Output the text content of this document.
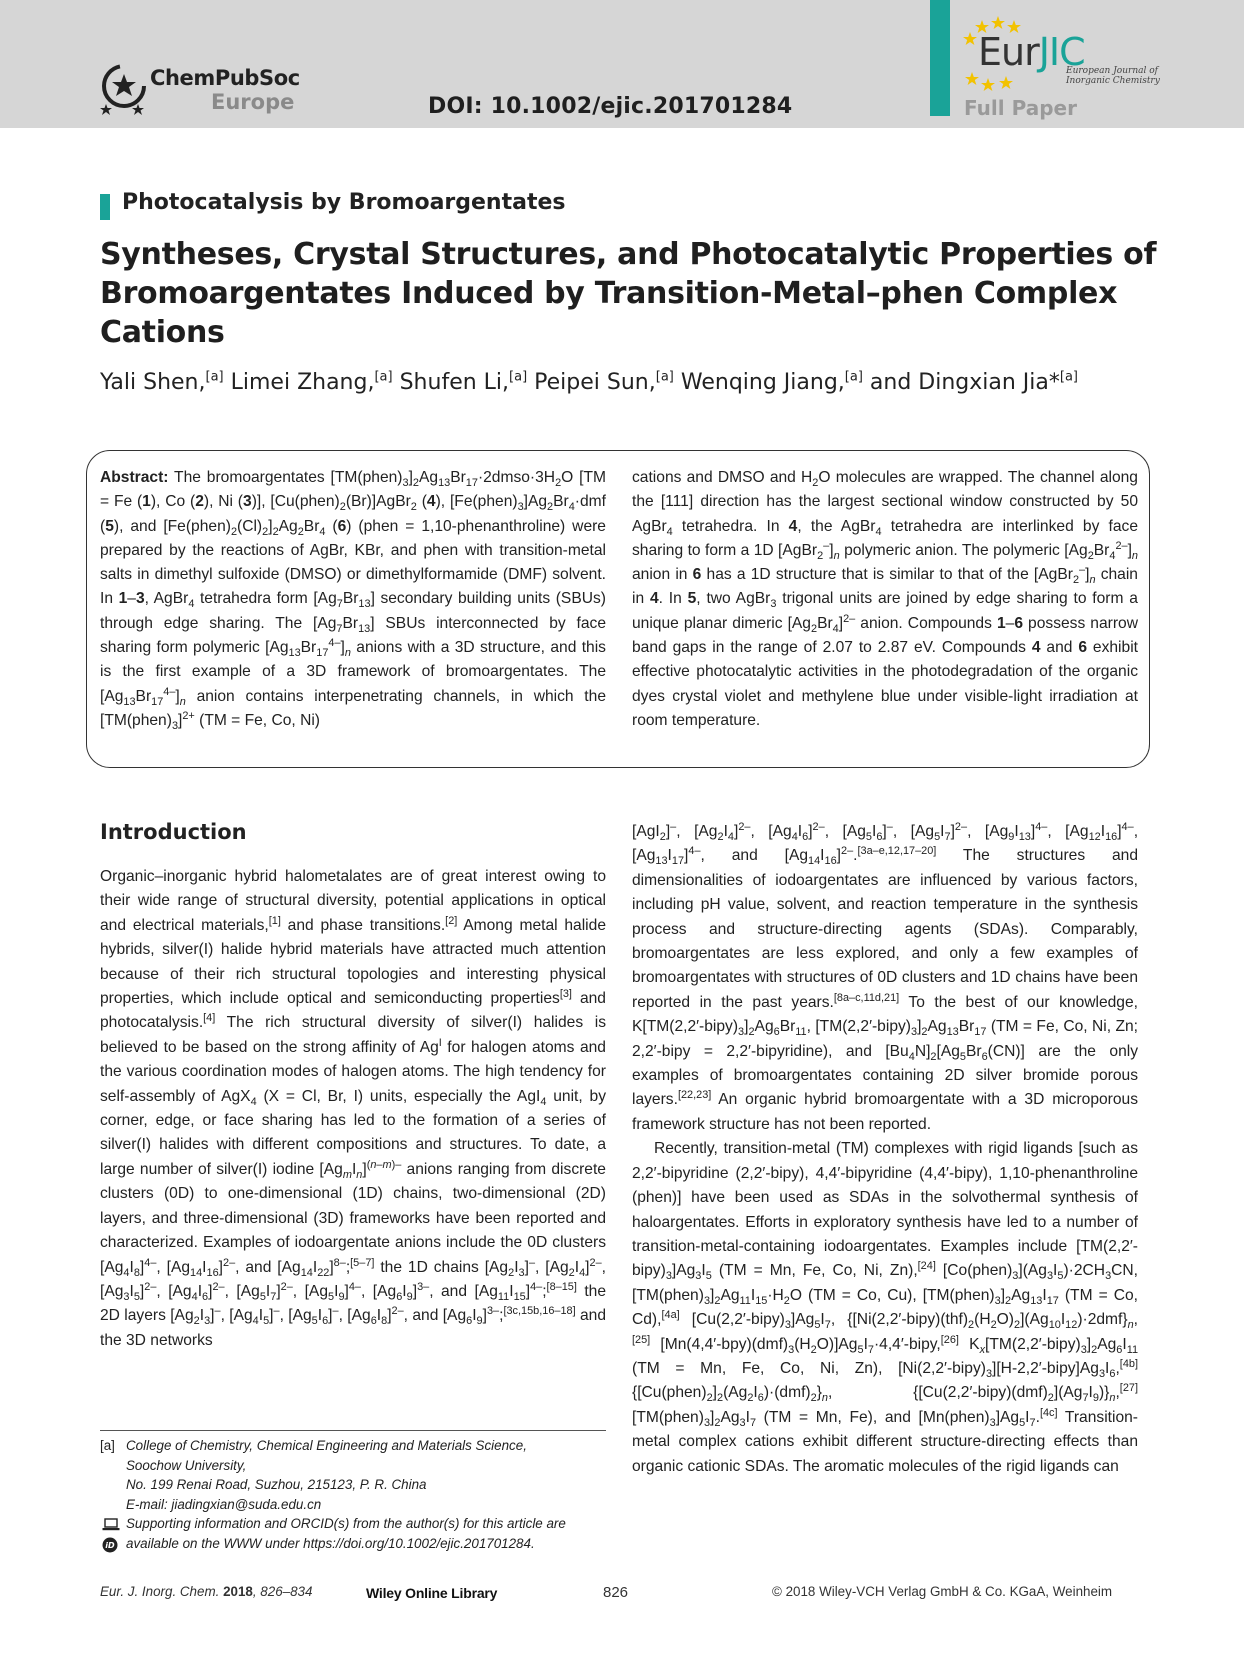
ChemPubSoc
Europe	DOI: 10.1002/ejic.201701284
EurJIC
European Journal of Inorganic Chemistry
Full Paper
Photocatalysis by Bromoargentates
Syntheses, Crystal Structures, and Photocatalytic Properties of Bromoargentates Induced by Transition-Metal–phen Complex Cations
Yali Shen,[a] Limei Zhang,[a] Shufen Li,[a] Peipei Sun,[a] Wenqing Jiang,[a] and Dingxian Jia*[a]
Abstract: The bromoargentates $[TM(phen)_3]_2Ag_{13}Br_{17}\cdot 2dmso\cdot 3H_2O$ [TM = Fe (1), Co (2), Ni (3)], $[Cu(phen)_2(Br)]AgBr_2$ (4), $[Fe(phen)_3]Ag_2Br_4\cdot dmf$ (5), and $[Fe(phen)_2(Cl)_2]_2Ag_2Br_4$ (6) (phen = 1,10-phenanthroline) were prepared by the reactions of AgBr, KBr, and phen with transition-metal salts in dimethyl sulfoxide (DMSO) or dimethylformamide (DMF) solvent. In 1–3, AgBr$_4$ tetrahedra form $[Ag_7Br_{13}]$ secondary building units (SBUs) through edge sharing. The $[Ag_7Br_{13}]$ SBUs interconnected by face sharing form polymeric $[Ag_{13}Br_{17}^{4-}]_n$ anions with a 3D structure, and this is the first example of a 3D framework of bromoargentates. The $[Ag_{13}Br_{17}^{4-}]_n$ anion contains interpenetrating channels, in which the $[TM(phen)_3]^{2+}$ (TM = Fe, Co, Ni)
cations and DMSO and $H_2O$ molecules are wrapped. The channel along the [111] direction has the largest sectional window constructed by 50 AgBr$_4$ tetrahedra. In 4, the AgBr$_4$ tetrahedra are interlinked by face sharing to form a 1D $[AgBr_2^-]_n$ polymeric anion. The polymeric $[Ag_2Br_4^{2-}]_n$ anion in 6 has a 1D structure that is similar to that of the $[AgBr_2^-]_n$ chain in 4. In 5, two AgBr$_3$ trigonal units are joined by edge sharing to form a unique planar dimeric $[Ag_2Br_4]^{2-}$ anion. Compounds 1–6 possess narrow band gaps in the range of 2.07 to 2.87 eV. Compounds 4 and 6 exhibit effective photocatalytic activities in the photodegradation of the organic dyes crystal violet and methylene blue under visible-light irradiation at room temperature.
Introduction

Organic–inorganic hybrid halometalates are of great interest owing to their wide range of structural diversity, potential applications in optical and electrical materials,[1] and phase transitions.[2] Among metal halide hybrids, silver(I) halide hybrid materials have attracted much attention because of their rich structural topologies and interesting physical properties, which include optical and semiconducting properties[3] and photocatalysis.[4] The rich structural diversity of silver(I) halides is believed to be based on the strong affinity of $Ag^I$ for halogen atoms and the various coordination modes of halogen atoms. The high tendency for self-assembly of AgX$_4$ (X = Cl, Br, I) units, especially the AgI$_4$ unit, by corner, edge, or face sharing has led to the formation of a series of silver(I) halides with different compositions and structures. To date, a large number of silver(I) iodine $[Ag_mI_n]^{(n-m)-}$ anions ranging from discrete clusters (0D) to one-dimensional (1D) chains, two-dimensional (2D) layers, and three-dimensional (3D) frameworks have been reported and characterized. Examples of iodoargentate anions include the 0D clusters $[Ag_4I_8]^{4-}$, $[Ag_{14}I_{16}]^{2-}$, and $[Ag_{14}I_{22}]^{8-};[5-7]$ the 1D chains $[Ag_2I_3]^-$, $[Ag_2I_4]^{2-}$, $[Ag_3I_5]^{2-}$, $[Ag_4I_6]^{2-}$, $[Ag_5I_7]^{2-}$, $[Ag_5I_9]^{4-}$, $[Ag_6I_9]^{3-}$, and $[Ag_{11}I_{15}]^{4-};[8-15]$ the 2D layers $[Ag_2I_3]^-$, $[Ag_4I_5]^-$, $[Ag_5I_6]^-$, $[Ag_6I_8]^{2-}$, and $[Ag_6I_9]^{3-};[3c,15b,16-18]$ and the 3D networks

[AgI$_2$]–, $[Ag_2I_4]^{2-}$, $[Ag_4I_6]^{2-}$, $[Ag_5I_6]^-$, $[Ag_5I_7]^{2-}$, $[Ag_9I_{13}]^{4-}$, $[Ag_{12}I_{16}]^{4-}$, $[Ag_{13}I_{17}]^{4-}$, and $[Ag_{14}I_{16}]^{2-}.[3a-e,12,17-20]$ The structures and dimensionalities of iodoargentates are influenced by various factors, including pH value, solvent, and reaction temperature in the synthesis process and structure-directing agents (SDAs). Comparably, bromoargentates are less explored, and only a few examples of bromoargentates with structures of 0D clusters and 1D chains have been reported in the past years.[8a–c,11d,21] To the best of our knowledge, $K[TM(2,2'-bipy)_3]_2Ag_6Br_{11}$, $[TM(2,2'-bipy)_3]_2Ag_{13}Br_{17}$ (TM = Fe, Co, Ni, Zn; 2,2′-bipy = 2,2′-bipyridine), and $[Bu_4N]_2[Ag_5Br_6(CN)]$ are the only examples of bromoargentates containing 2D silver bromide porous layers.[22,23] An organic hybrid bromoargentate with a 3D microporous framework structure has not been reported.

Recently, transition-metal (TM) complexes with rigid ligands [such as 2,2′-bipyridine (2,2′-bipy), 4,4′-bipyridine (4,4′-bipy), 1,10-phenanthroline (phen)] have been used as SDAs in the solvothermal synthesis of haloargentates. Efforts in exploratory synthesis have led to a number of transition-metal-containing iodoargentates. Examples include $[TM(2,2'-bipy)_3]Ag_3I_5$ (TM = Mn, Fe, Co, Ni, Zn),[24] $[Co(phen)_3](Ag_3I_5)\cdot 2CH_3CN$, $[TM(phen)_3]_2Ag_{11}I_{15}\cdot H_2O$ (TM = Co, Cu), $[TM(phen)_3]_2Ag_{13}I_{17}$ (TM = Co, Cd),[4a] $[Cu(2,2'-bipy)_3]Ag_5I_7$, $\{[Ni(2,2'-bipy)(thf)_2(H_2O)_2](Ag_{10}I_{12})\cdot 2dmf\}_n,[25]$ $[Mn(4,4'-bpy)(dmf)_3(H_2O)]Ag_5I_7\cdot 4,4'-bipy,[26]$ $K_x[TM(2,2'-bipy)_3]_2Ag_6I_{11}$ (TM = Mn, Fe, Co, Ni, Zn), $[Ni(2,2'-bipy)_3][H-2,2'-bipy]Ag_3I_6,[4b]$ $\{[Cu(phen)_2]_2(Ag_2I_6)\cdot(dmf)_2\}_n$, $\{[Cu(2,2'-bipy)(dmf)_2](Ag_7I_9)\}_n,[27]$ $[TM(phen)_3]_2Ag_3I_7$ (TM = Mn, Fe), and $[Mn(phen)_3]Ag_5I_7.[4c]$ Transition-metal complex cations exhibit different structure-directing effects than organic cationic SDAs. The aromatic molecules of the rigid ligands can

[a] College of Chemistry, Chemical Engineering and Materials Science,
Soochow University,
No. 199 Renai Road, Suzhou, 215123, P. R. China
E-mail: jiadingxian@suda.edu.cn
Supporting information and ORCID(s) from the author(s) for this article are
iD available on the WWW under https://doi.org/10.1002/ejic.201701284.
Eur. J. Inorg. Chem. 2018, 826–834	Wiley Online Library	826	© 2018 Wiley-VCH Verlag GmbH & Co. KGaA, Weinheim
